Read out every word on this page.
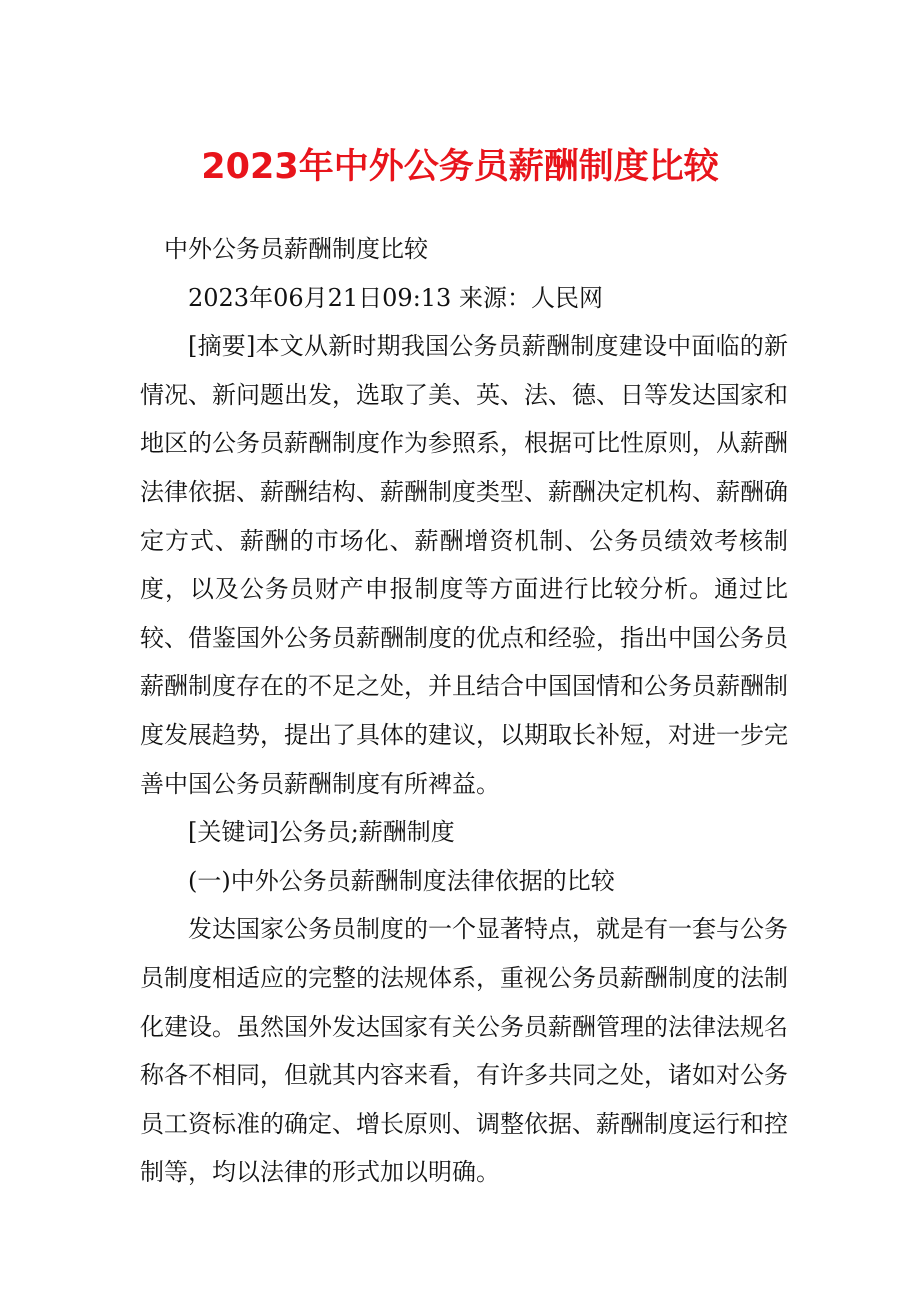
2023年中外公务员薪酬制度比较

中外公务员薪酬制度比较

2023年06月21日09:13 来源：人民网

[摘要]本文从新时期我国公务员薪酬制度建设中面临的新情况、新问题出发，选取了美、英、法、德、日等发达国家和地区的公务员薪酬制度作为参照系，根据可比性原则，从薪酬法律依据、薪酬结构、薪酬制度类型、薪酬决定机构、薪酬确定方式、薪酬的市场化、薪酬增资机制、公务员绩效考核制度，以及公务员财产申报制度等方面进行比较分析。通过比较、借鉴国外公务员薪酬制度的优点和经验，指出中国公务员薪酬制度存在的不足之处，并且结合中国国情和公务员薪酬制度发展趋势，提出了具体的建议，以期取长补短，对进一步完善中国公务员薪酬制度有所裨益。

[关键词]公务员;薪酬制度

(一)中外公务员薪酬制度法律依据的比较

发达国家公务员制度的一个显著特点，就是有一套与公务员制度相适应的完整的法规体系，重视公务员薪酬制度的法制化建设。虽然国外发达国家有关公务员薪酬管理的法律法规名称各不相同，但就其内容来看，有许多共同之处，诸如对公务员工资标准的确定、增长原则、调整依据、薪酬制度运行和控制等，均以法律的形式加以明确。
